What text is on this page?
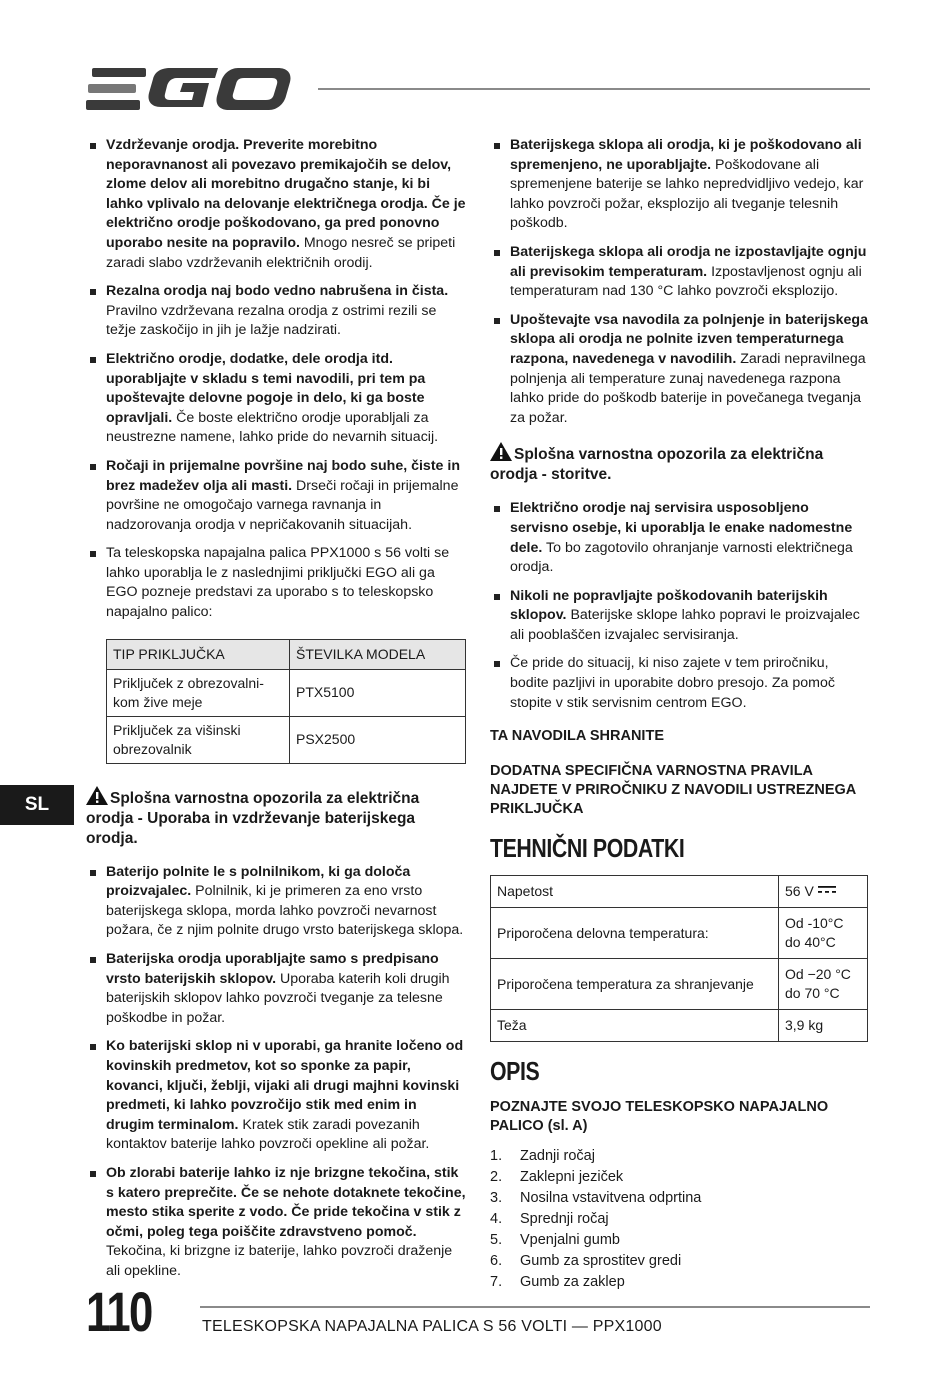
Vzdrževanje orodja. Preverite morebitno neporavnanost ali povezavo premikajočih se delov, zlome delov ali morebitno drugačno stanje, ki bi lahko vplivalo na delovanje električnega orodja. Če je električno orodje poškodovano, ga pred ponovno uporabo nesite na popravilo. Mnogo nesreč se pripeti zaradi slabo vzdrževanih električnih orodij.
Rezalna orodja naj bodo vedno nabrušena in čista. Pravilno vzdrževana rezalna orodja z ostrimi rezili se težje zaskočijo in jih je lažje nadzirati.
Električno orodje, dodatke, dele orodja itd. uporabljajte v skladu s temi navodili, pri tem pa upoštevajte delovne pogoje in delo, ki ga boste opravljali. Če boste električno orodje uporabljali za neustrezne namene, lahko pride do nevarnih situacij.
Ročaji in prijemalne površine naj bodo suhe, čiste in brez madežev olja ali masti. Drseči ročaji in prijemalne površine ne omogočajo varnega ravnanja in nadzorovanja orodja v nepričakovanih situacijah.
Ta teleskopska napajalna palica PPX1000 s 56 volti se lahko uporablja le z naslednjimi priključki EGO ali ga EGO pozneje predstavi za uporabo s to teleskopsko napajalno palico:
TIP PRIKLJUČKA	ŠTEVILKA MODELA
Priključek z obrezovalni-kom žive meje	PTX5100
Priključek za višinski obrezovalnik	PSX2500
Splošna varnostna opozorila za električna orodja - Uporaba in vzdrževanje baterijskega orodja.
Baterijo polnite le s polnilnikom, ki ga določa proizvajalec. Polnilnik, ki je primeren za eno vrsto baterijskega sklopa, morda lahko povzroči nevarnost požara, če z njim polnite drugo vrsto baterijskega sklopa.
Baterijska orodja uporabljajte samo s predpisano vrsto baterijskih sklopov. Uporaba katerih koli drugih baterijskih sklopov lahko povzroči tveganje za telesne poškodbe in požar.
Ko baterijski sklop ni v uporabi, ga hranite ločeno od kovinskih predmetov, kot so sponke za papir, kovanci, ključi, žeblji, vijaki ali drugi majhni kovinski predmeti, ki lahko povzročijo stik med enim in drugim terminalom. Kratek stik zaradi povezanih kontaktov baterije lahko povzroči opekline ali požar.
Ob zlorabi baterije lahko iz nje brizgne tekočina, stik s katero preprečite. Če se nehote dotaknete tekočine, mesto stika sperite z vodo. Če pride tekočina v stik z očmi, poleg tega poiščite zdravstveno pomoč. Tekočina, ki brizgne iz baterije, lahko povzroči draženje ali opekline.
Baterijskega sklopa ali orodja, ki je poškodovano ali spremenjeno, ne uporabljajte. Poškodovane ali spremenjene baterije se lahko nepredvidljivo vedejo, kar lahko povzroči požar, eksplozijo ali tveganje telesnih poškodb.
Baterijskega sklopa ali orodja ne izpostavljajte ognju ali previsokim temperaturam. Izpostavljenost ognju ali temperaturam nad 130 °C lahko povzroči eksplozijo.
Upoštevajte vsa navodila za polnjenje in baterijskega sklopa ali orodja ne polnite izven temperaturnega razpona, navedenega v navodilih. Zaradi nepravilnega polnjenja ali temperature zunaj navedenega razpona lahko pride do poškodb baterije in povečanega tveganja za požar.
Splošna varnostna opozorila za električna orodja - storitve.
Električno orodje naj servisira usposobljeno servisno osebje, ki uporablja le enake nadomestne dele. To bo zagotovilo ohranjanje varnosti električnega orodja.
Nikoli ne popravljajte poškodovanih baterijskih sklopov. Baterijske sklope lahko popravi le proizvajalec ali pooblaščen izvajalec servisiranja.
Če pride do situacij, ki niso zajete v tem priročniku, bodite pazljivi in uporabite dobro presojo. Za pomoč stopite v stik servisnim centrom EGO.
TA NAVODILA SHRANITE
DODATNA SPECIFIČNA VARNOSTNA PRAVILA NAJDETE V PRIROČNIKU Z NAVODILI USTREZNEGA PRIKLJUČKA
TEHNIČNI PODATKI
Napetost	56 V
Priporočena delovna temperatura:	Od -10°C do 40°C
Priporočena temperatura za shranjevanje	Od −20 °C do 70 °C
Teža	3,9 kg
OPIS
POZNAJTE SVOJO TELESKOPSKO NAPAJALNO PALICO (sl. A)
1.	Zadnji ročaj
2.	Zaklepni jeziček
3.	Nosilna vstavitvena odprtina
4.	Sprednji ročaj
5.	Vpenjalni gumb
6.	Gumb za sprostitev gredi
7.	Gumb za zaklep
SL
110	TELESKOPSKA NAPAJALNA PALICA S 56 VOLTI — PPX1000
